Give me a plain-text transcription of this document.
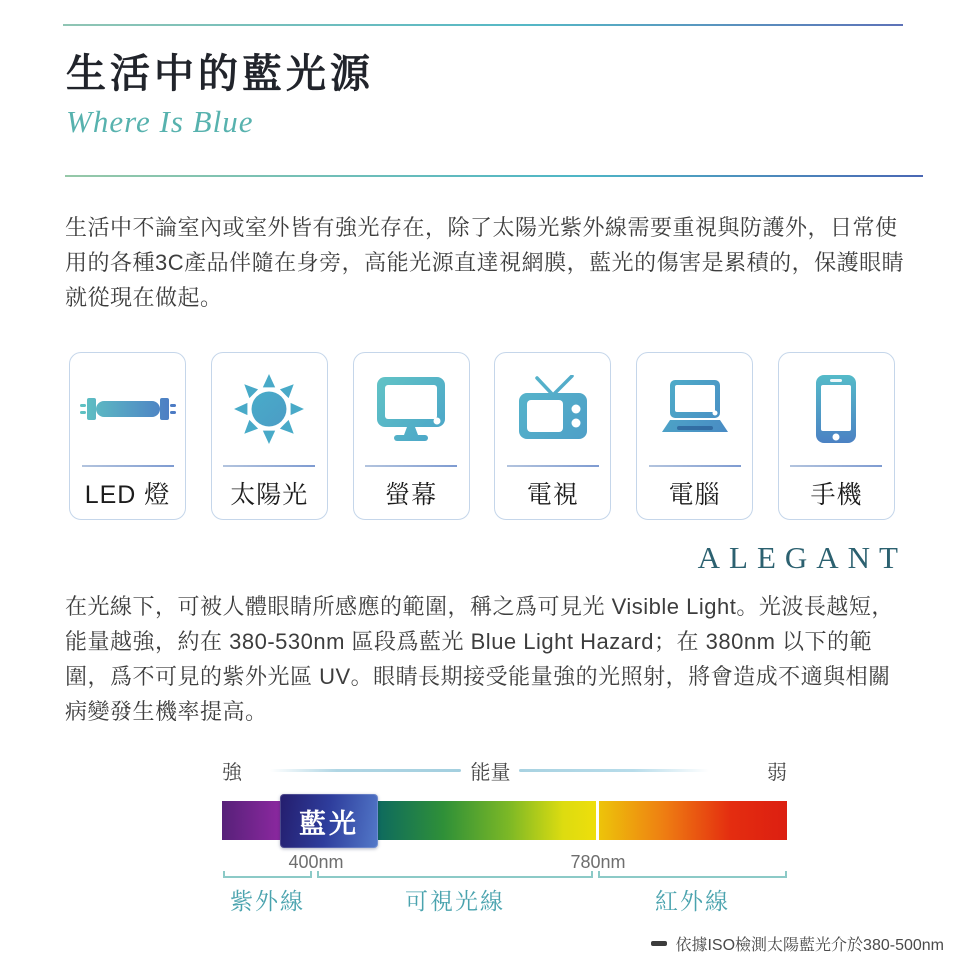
生活中的藍光源
Where Is Blue
生活中不論室內或室外皆有強光存在，除了太陽光紫外線需要重視與防護外，日常使用的各種3C產品伴隨在身旁，高能光源直達視網膜，藍光的傷害是累積的，保護眼睛就從現在做起。
LED 燈 太陽光	螢幕	電視	電腦	手機
ALEGANT
在光線下，可被人體眼睛所感應的範圍，稱之爲可見光 Visible Light。光波長越短，能量越強，約在 380-530nm 區段爲藍光 Blue Light Hazard；在 380nm 以下的範圍，爲不可見的紫外光區 UV。眼睛長期接受能量強的光照射，將會造成不適與相關病變發生機率提高。
強	能量	弱
藍光
400nm	780nm
紫外線	可視光線	紅外線
依據ISO檢測太陽藍光介於380-500nm
